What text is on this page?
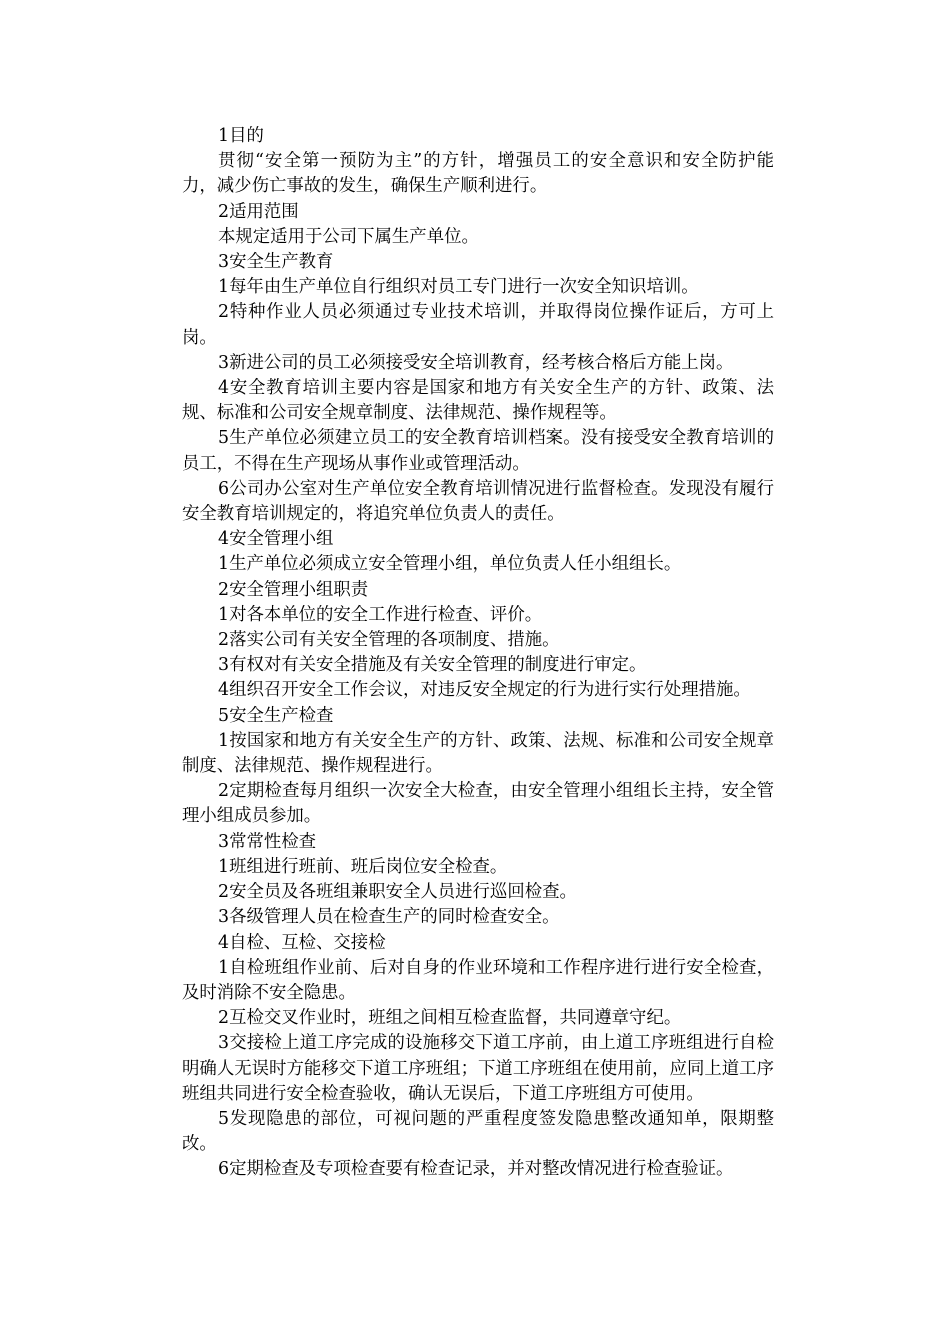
1目的

贯彻“安全第一预防为主”的方针，增强员工的安全意识和安全防护能力，减少伤亡事故的发生，确保生产顺利进行。

2适用范围

本规定适用于公司下属生产单位。

3安全生产教育

1每年由生产单位自行组织对员工专门进行一次安全知识培训。

2特种作业人员必须通过专业技术培训，并取得岗位操作证后，方可上岗。

3新进公司的员工必须接受安全培训教育，经考核合格后方能上岗。

4安全教育培训主要内容是国家和地方有关安全生产的方针、政策、法规、标准和公司安全规章制度、法律规范、操作规程等。

5生产单位必须建立员工的安全教育培训档案。没有接受安全教育培训的员工，不得在生产现场从事作业或管理活动。

6公司办公室对生产单位安全教育培训情况进行监督检查。发现没有履行安全教育培训规定的，将追究单位负责人的责任。

4安全管理小组

1生产单位必须成立安全管理小组，单位负责人任小组组长。

2安全管理小组职责

1对各本单位的安全工作进行检查、评价。

2落实公司有关安全管理的各项制度、措施。

3有权对有关安全措施及有关安全管理的制度进行审定。

4组织召开安全工作会议，对违反安全规定的行为进行实行处理措施。

5安全生产检查

1按国家和地方有关安全生产的方针、政策、法规、标准和公司安全规章制度、法律规范、操作规程进行。

2定期检查每月组织一次安全大检查，由安全管理小组组长主持，安全管理小组成员参加。

3常常性检查

1班组进行班前、班后岗位安全检查。

2安全员及各班组兼职安全人员进行巡回检查。

3各级管理人员在检查生产的同时检查安全。

4自检、互检、交接检

1自检班组作业前、后对自身的作业环境和工作程序进行进行安全检查，及时消除不安全隐患。

2互检交叉作业时，班组之间相互检查监督，共同遵章守纪。

3交接检上道工序完成的设施移交下道工序前，由上道工序班组进行自检明确人无误时方能移交下道工序班组；下道工序班组在使用前，应同上道工序班组共同进行安全检查验收，确认无误后，下道工序班组方可使用。

5发现隐患的部位，可视问题的严重程度签发隐患整改通知单，限期整改。

6定期检查及专项检查要有检查记录，并对整改情况进行检查验证。
